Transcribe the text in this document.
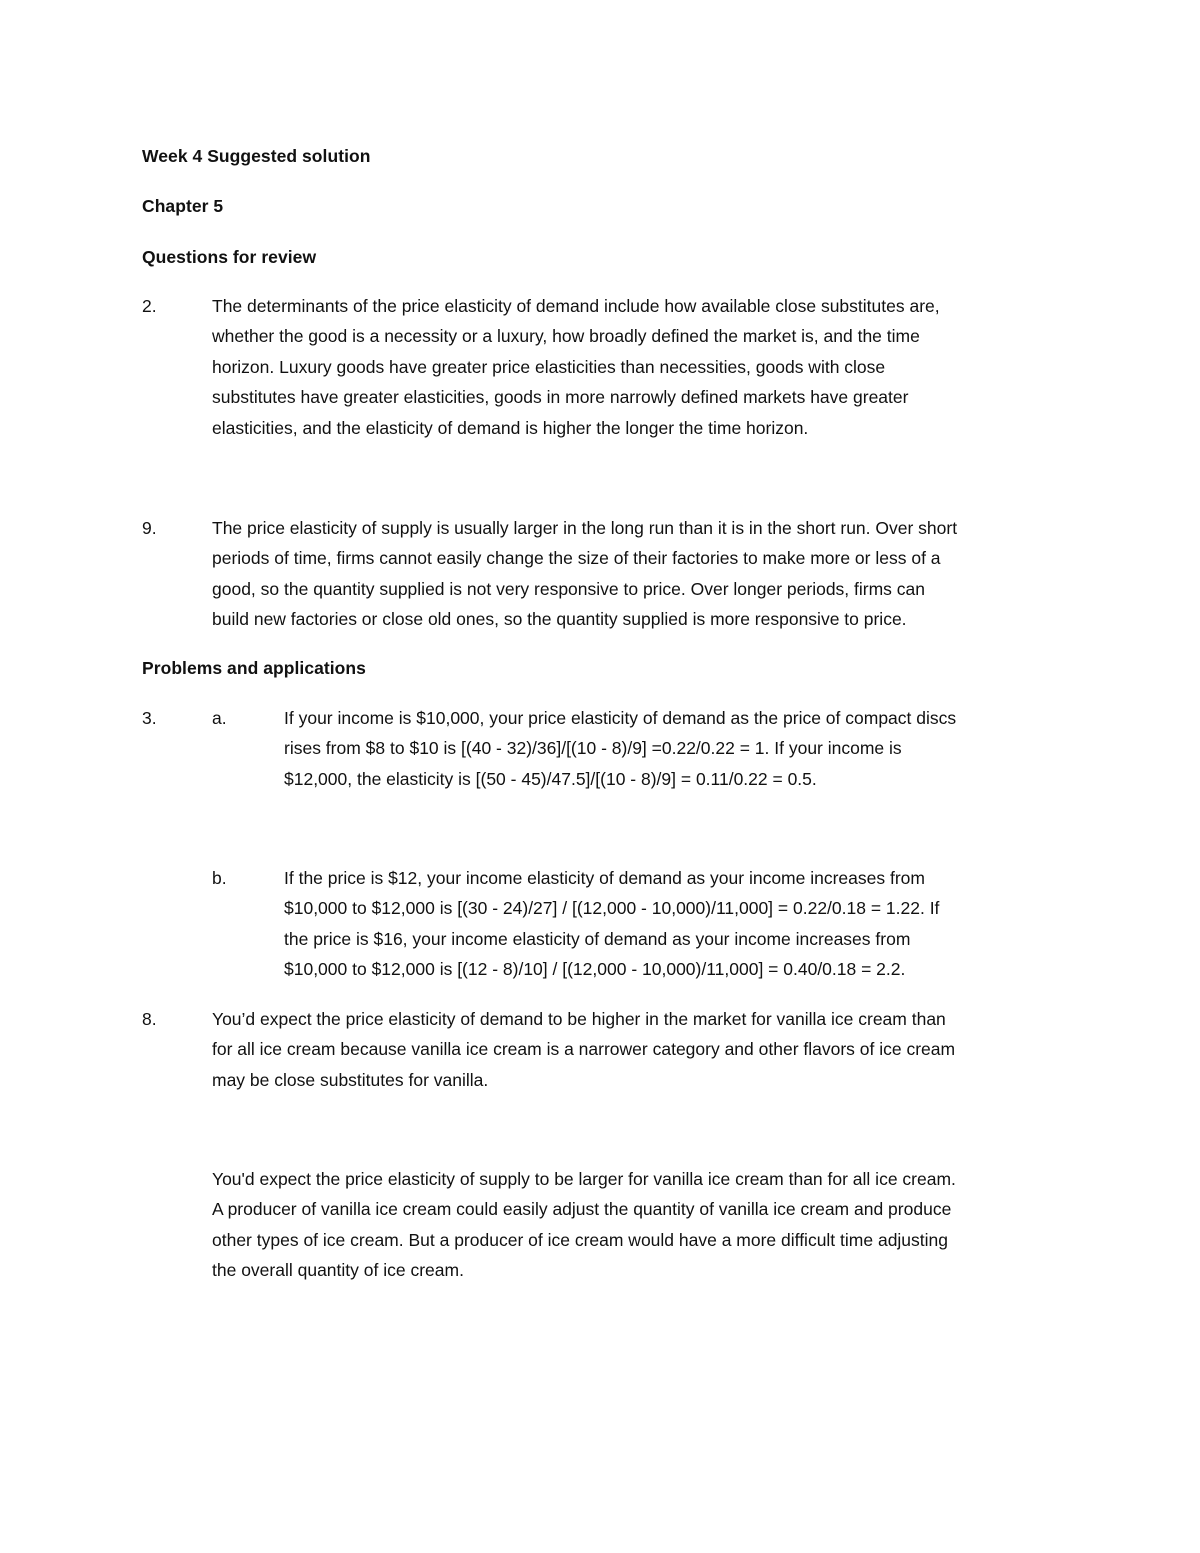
Week 4 Suggested solution
Chapter 5
Questions for review
2.	The determinants of the price elasticity of demand include how available close substitutes are,
whether the good is a necessity or a luxury, how broadly defined the market is, and the time
horizon. Luxury goods have greater price elasticities than necessities, goods with close
substitutes have greater elasticities, goods in more narrowly defined markets have greater
elasticities, and the elasticity of demand is higher the longer the time horizon.
9.	The price elasticity of supply is usually larger in the long run than it is in the short run. Over short
periods of time, firms cannot easily change the size of their factories to make more or less of a
good, so the quantity supplied is not very responsive to price. Over longer periods, firms can
build new factories or close old ones, so the quantity supplied is more responsive to price.
Problems and applications
3.	a.	If your income is $10,000, your price elasticity of demand as the price of compact discs
rises from $8 to $10 is [(40 - 32)/36]/[(10 - 8)/9] =0.22/0.22 = 1. If your income is
$12,000, the elasticity is [(50 - 45)/47.5]/[(10 - 8)/9] = 0.11/0.22 = 0.5.
b.	If the price is $12, your income elasticity of demand as your income increases from
$10,000 to $12,000 is [(30 - 24)/27] / [(12,000 - 10,000)/11,000] = 0.22/0.18 = 1.22. If
the price is $16, your income elasticity of demand as your income increases from
$10,000 to $12,000 is [(12 - 8)/10] / [(12,000 - 10,000)/11,000] = 0.40/0.18 = 2.2.
8.	You’d expect the price elasticity of demand to be higher in the market for vanilla ice cream than
for all ice cream because vanilla ice cream is a narrower category and other flavors of ice cream
may be close substitutes for vanilla.
You'd expect the price elasticity of supply to be larger for vanilla ice cream than for all ice cream.
A producer of vanilla ice cream could easily adjust the quantity of vanilla ice cream and produce
other types of ice cream. But a producer of ice cream would have a more difficult time adjusting
the overall quantity of ice cream.
